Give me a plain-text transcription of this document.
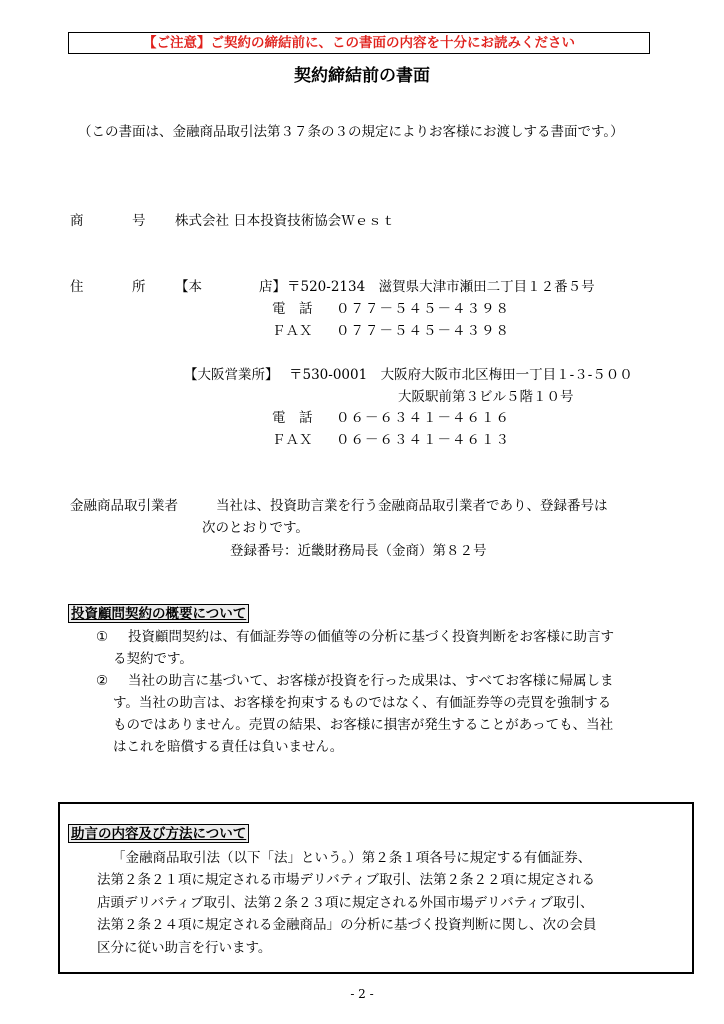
【ご注意】ご契約の締結前に、この書面の内容を十分にお読みください
契約締結前の書面
（この書面は、金融商品取引法第３７条の３の規定によりお客様にお渡しする書面です。）
商	号 株式会社 日本投資技術協会Ｗｅｓｔ
住	所 【本	店】 〒520-2134　滋賀県大津市瀬田二丁目１２番５号
電　話 ０７７－５４５－４３９８
ＦＡＸ ０７７－５４５－４３９８
【大阪営業所】 〒530-0001　大阪府大阪市北区梅田一丁目１-３-５００
大阪駅前第３ビル５階１０号
電　話 ０６－６３４１－４６１６
ＦＡＸ ０６－６３４１－４６１３
金融商品取引業者	当社は、投資助言業を行う金融商品取引業者であり、登録番号は
次のとおりです。
登録番号：近畿財務局長（金商）第８２号
投資顧問契約の概要について
① 投資顧問契約は、有価証券等の価値等の分析に基づく投資判断をお客様に助言す
る契約です。
② 当社の助言に基づいて、お客様が投資を行った成果は、すべてお客様に帰属しま
す。当社の助言は、お客様を拘束するものではなく、有価証券等の売買を強制する
ものではありません。売買の結果、お客様に損害が発生することがあっても、当社
はこれを賠償する責任は負いません。
助言の内容及び方法について
「金融商品取引法（以下「法」という。）第２条１項各号に規定する有価証券、
法第２条２１項に規定される市場デリバティブ取引、法第２条２２項に規定される
店頭デリバティブ取引、法第２条２３項に規定される外国市場デリバティブ取引、
法第２条２４項に規定される金融商品」の分析に基づく投資判断に関し、次の会員
区分に従い助言を行います。
- 2 -
